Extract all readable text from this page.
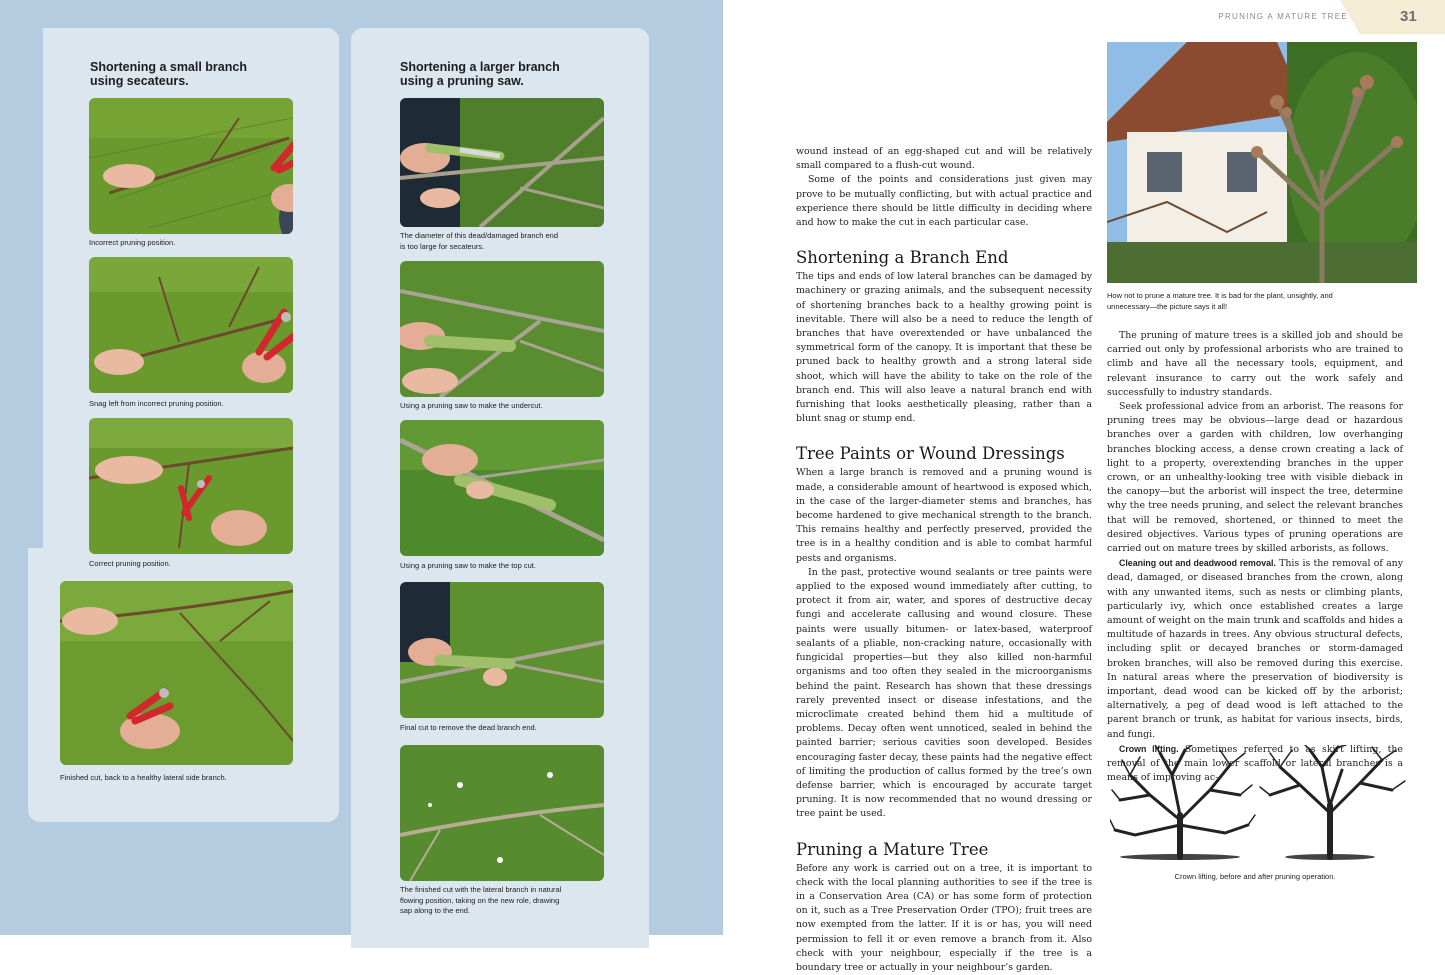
Shortening a small branch
using secateurs.

Incorrect pruning position.

Snag left from incorrect pruning position.

Correct pruning position.

Finished cut, back to a healthy lateral side branch.

Shortening a larger branch
using a pruning saw.

The diameter of this dead/damaged branch end
is too large for secateurs.

Using a pruning saw to make the undercut.

Using a pruning saw to make the top cut.

Final cut to remove the dead branch end.

The finished cut with the lateral branch in natural
flowing position, taking on the new role, drawing
sap along to the end.

PRUNING A MATURE TREE	31

wound instead of an egg-shaped cut and will be relatively small compared to a flush-cut wound.

Some of the points and considerations just given may prove to be mutually conflicting, but with actual practice and experience there should be little difficulty in deciding where and how to make the cut in each particular case.

Shortening a Branch End

The tips and ends of low lateral branches can be damaged by machinery or grazing animals, and the subsequent necessity of shortening branches back to a healthy growing point is inevitable. There will also be a need to reduce the length of branches that have overextended or have unbalanced the symmetrical form of the canopy. It is important that these be pruned back to healthy growth and a strong lateral side shoot, which will have the ability to take on the role of the branch end. This will also leave a natural branch end with furnishing that looks aesthetically pleasing, rather than a blunt snag or stump end.

Tree Paints or Wound Dressings

When a large branch is removed and a pruning wound is made, a considerable amount of heartwood is exposed which, in the case of the larger-diameter stems and branches, has become hardened to give mechanical strength to the branch. This remains healthy and perfectly preserved, provided the tree is in a healthy condition and is able to combat harmful pests and organisms.

In the past, protective wound sealants or tree paints were applied to the exposed wound immediately after cutting, to protect it from air, water, and spores of destructive decay fungi and accelerate callusing and wound closure. These paints were usually bitumen- or latex-based, waterproof sealants of a pliable, non-cracking nature, occasionally with fungicidal properties—but they also killed non-harmful organisms and too often they sealed in the microorganisms behind the paint. Research has shown that these dressings rarely prevented insect or disease infestations, and the microclimate created behind them hid a multitude of problems. Decay often went unnoticed, sealed in behind the painted barrier; serious cavities soon developed. Besides encouraging faster decay, these paints had the negative effect of limiting the production of callus formed by the tree’s own defense barrier, which is encouraged by accurate target pruning. It is now recommended that no wound dressing or tree paint be used.

Pruning a Mature Tree

Before any work is carried out on a tree, it is important to check with the local planning authorities to see if the tree is in a Conservation Area (CA) or has some form of protection on it, such as a Tree Preservation Order (TPO); fruit trees are now exempted from the latter. If it is or has, you will need permission to fell it or even remove a branch from it. Also check with your neighbour, especially if the tree is a boundary tree or actually in your neighbour’s garden.

How not to prune a mature tree. It is bad for the plant, unsightly, and
unnecessary—the picture says it all!

The pruning of mature trees is a skilled job and should be carried out only by professional arborists who are trained to climb and have all the necessary tools, equipment, and relevant insurance to carry out the work safely and successfully to industry standards.

Seek professional advice from an arborist. The reasons for pruning trees may be obvious—large dead or hazardous branches over a garden with children, low overhanging branches blocking access, a dense crown creating a lack of light to a property, overextending branches in the upper crown, or an unhealthy-looking tree with visible dieback in the canopy—but the arborist will inspect the tree, determine why the tree needs pruning, and select the relevant branches that will be removed, shortened, or thinned to meet the desired objectives. Various types of pruning operations are carried out on mature trees by skilled arborists, as follows.

Cleaning out and deadwood removal. This is the removal of any dead, damaged, or diseased branches from the crown, along with any unwanted items, such as nests or climbing plants, particularly ivy, which once established creates a large amount of weight on the main trunk and scaffolds and hides a multitude of hazards in trees. Any obvious structural defects, including split or decayed branches or storm-damaged broken branches, will also be removed during this exercise. In natural areas where the preservation of biodiversity is important, dead wood can be kicked off by the arborist; alternatively, a peg of dead wood is left attached to the parent branch or trunk, as habitat for various insects, birds, and fungi.

Crown lifting. Sometimes referred to as skirt lifting, the removal of the main lower scaffold or lateral branches is a means of improving ac-

Crown lifting, before and after pruning operation.
